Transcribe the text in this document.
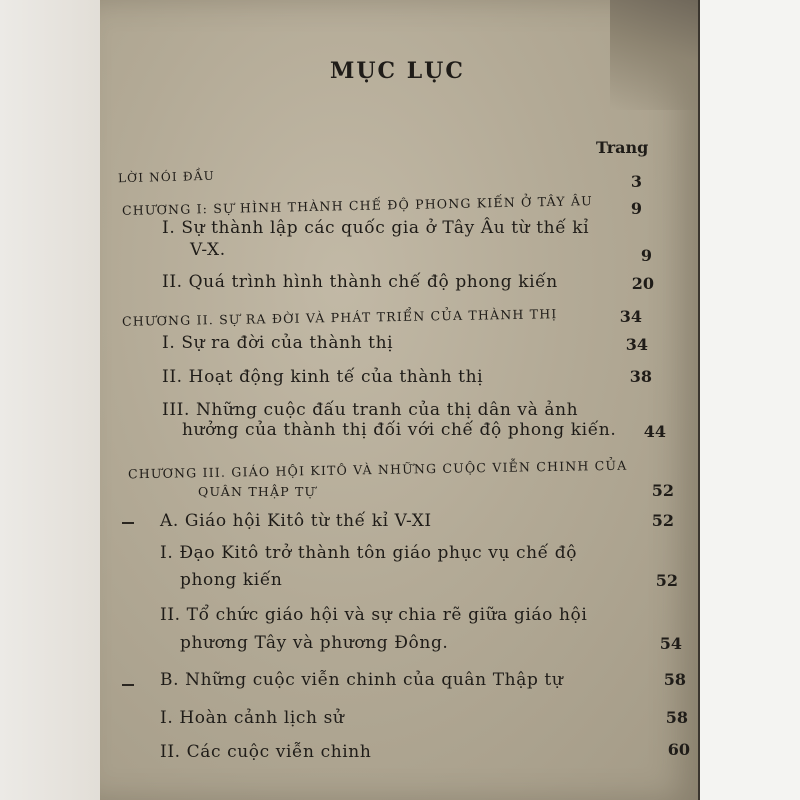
MỤC LỤC
Trang
LỜI NÓI ĐẦU	3
CHƯƠNG I: SỰ HÌNH THÀNH CHẾ ĐỘ PHONG KIẾN Ở TÂY ÂU	9
I. Sự thành lập các quốc gia ở Tây Âu từ thế kỉ
V-X.	9
II. Quá trình hình thành chế độ phong kiến	20
CHƯƠNG II. SỰ RA ĐỜI VÀ PHÁT TRIỂN CỦA THÀNH THỊ	34
I. Sự ra đời của thành thị	34
II. Hoạt động kinh tế của thành thị	38
III. Những cuộc đấu tranh của thị dân và ảnh
hưởng của thành thị đối với chế độ phong kiến.	44
CHƯƠNG III. GIÁO HỘI KITÔ VÀ NHỮNG CUỘC VIỄN CHINH CỦA
QUÂN THẬP TỰ	52
A. Giáo hội Kitô từ thế kỉ V-XI	52
I. Đạo Kitô trở thành tôn giáo phục vụ chế độ
phong kiến	52
II. Tổ chức giáo hội và sự chia rẽ giữa giáo hội
phương Tây và phương Đông.	54
B. Những cuộc viễn chinh của quân Thập tự	58
I. Hoàn cảnh lịch sử	58
II. Các cuộc viễn chinh	60
